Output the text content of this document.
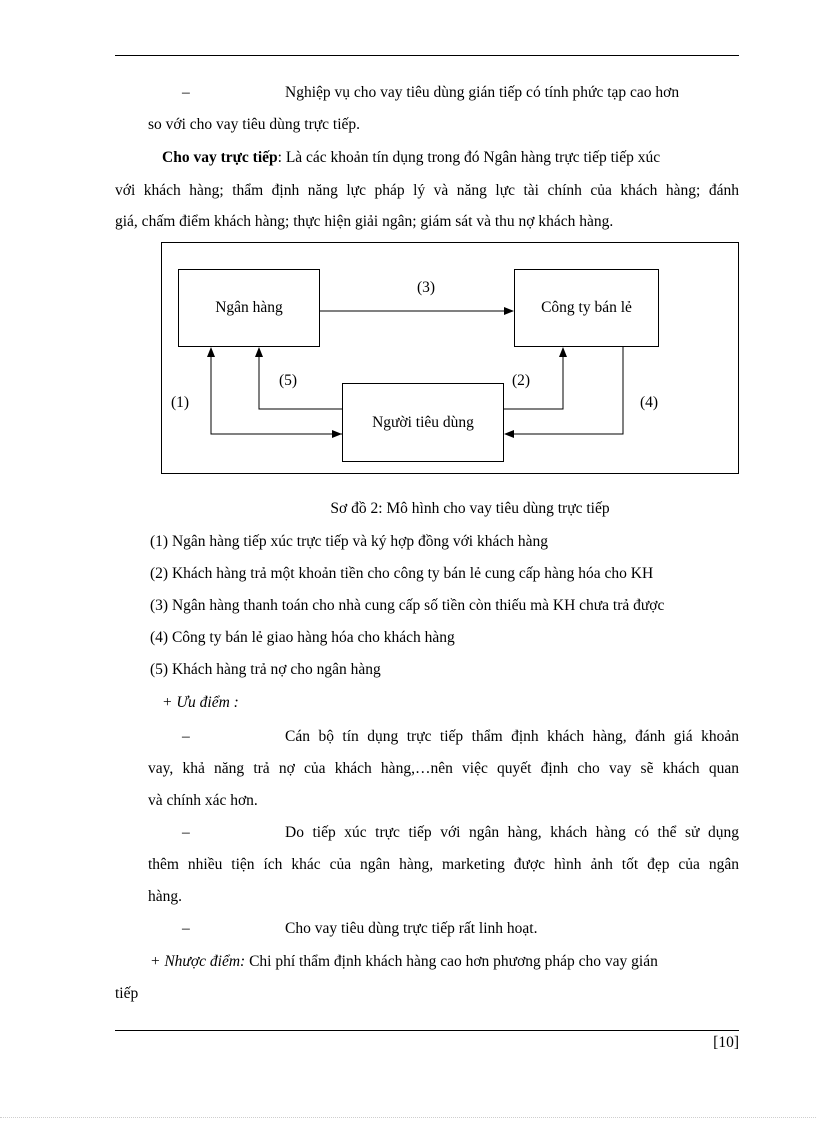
–	Nghiệp vụ cho vay tiêu dùng gián tiếp có tính phức tạp cao hơn
so với cho vay tiêu dùng trực tiếp.
Cho vay trực tiếp: Là các khoản tín dụng trong đó Ngân hàng trực tiếp tiếp xúc
với khách hàng; thẩm định năng lực pháp lý và năng lực tài chính của khách hàng; đánh
giá, chấm điểm khách hàng; thực hiện giải ngân; giám sát và thu nợ khách hàng.
Ngân hàng	Công ty bán lẻ
Người tiêu dùng
(3)
(5)	(2)
(1)	(4)
Sơ đồ 2: Mô hình cho vay tiêu dùng trực tiếp
(1) Ngân hàng tiếp xúc trực tiếp và ký hợp đồng với khách hàng
(2) Khách hàng trả một khoản tiền cho công ty bán lẻ cung cấp hàng hóa cho KH
(3) Ngân hàng thanh toán cho nhà cung cấp số tiền còn thiếu mà KH chưa trả được
(4) Công ty bán lẻ giao hàng hóa cho khách hàng
(5) Khách hàng trả nợ cho ngân hàng
+ Ưu điểm :
–	Cán bộ tín dụng trực tiếp thẩm định khách hàng, đánh giá khoản
vay, khả năng trả nợ của khách hàng,…nên việc quyết định cho vay sẽ khách quan
và chính xác hơn.
–	Do tiếp xúc trực tiếp với ngân hàng, khách hàng có thể sử dụng
thêm nhiều tiện ích khác của ngân hàng, marketing được hình ảnh tốt đẹp của ngân
hàng.
–	Cho vay tiêu dùng trực tiếp rất linh hoạt.
+ Nhược điểm: Chi phí thẩm định khách hàng cao hơn phương pháp cho vay gián
tiếp
[10]
